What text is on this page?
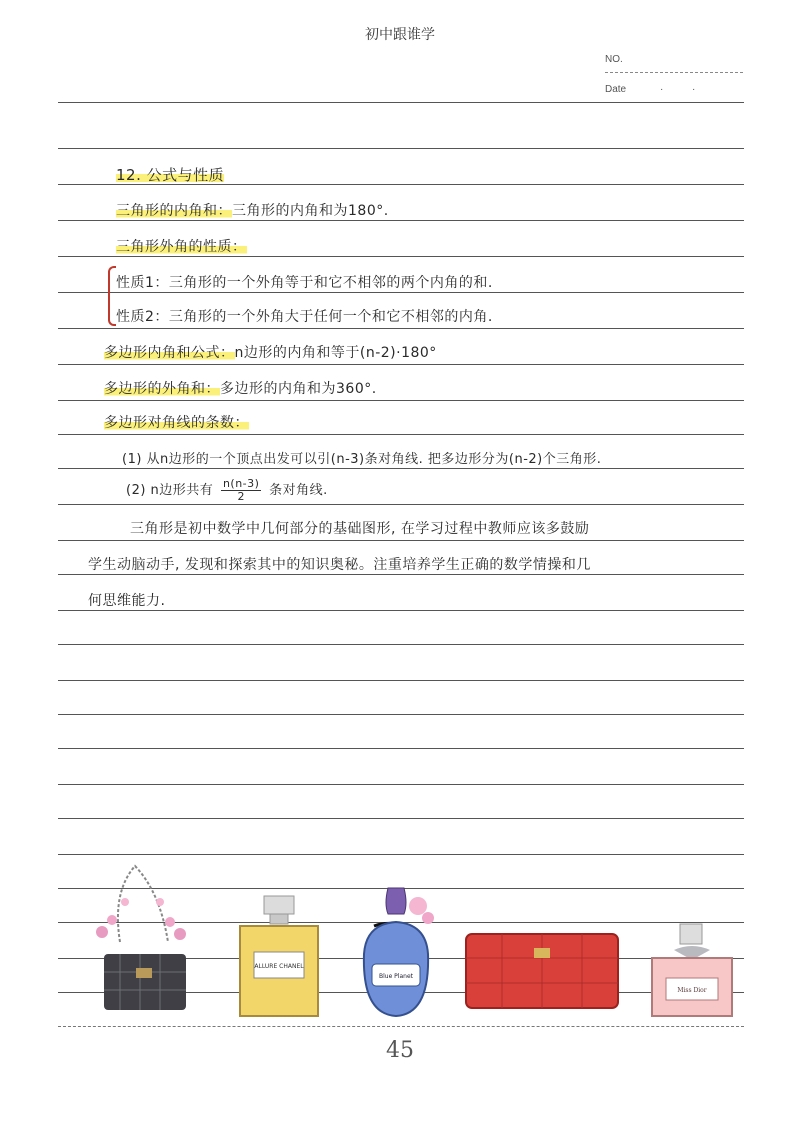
初中跟谁学
NO.
Date	·	·
12. 公式与性质
三角形的内角和：三角形的内角和为180°.
三角形外角的性质：
性质1：三角形的一个外角等于和它不相邻的两个内角的和.
性质2：三角形的一个外角大于任何一个和它不相邻的内角.
多边形内角和公式：n边形的内角和等于(n-2)·180°
多边形的外角和：多边形的内角和为360°.
多边形对角线的条数：
(1) 从n边形的一个顶点出发可以引(n-3)条对角线. 把多边形分为(n-2)个三角形.
(2) n边形共有 $\frac{n(n-3)}{2}$ 条对角线.
三角形是初中数学中几何部分的基础图形, 在学习过程中教师应该多鼓励
学生动脑动手, 发现和探索其中的知识奥秘。注重培养学生正确的数学情操和几
何思维能力.
ALLURE CHANEL
Blue Planet
Miss Dior
45
